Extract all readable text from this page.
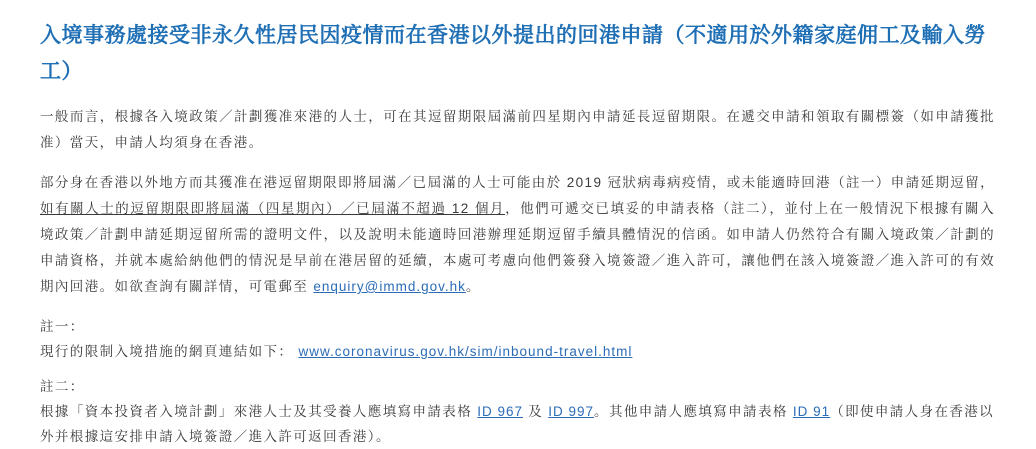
入境事務處接受非永久性居民因疫情而在香港以外提出的回港申請（不適用於外籍家庭佣工及輸入勞工）

一般而言，根據各入境政策／計劃獲准來港的人士，可在其逗留期限屆滿前四星期內申請延長逗留期限。在遞交申請和領取有關標簽（如申請獲批准）當天，申請人均須身在香港。

部分身在香港以外地方而其獲准在港逗留期限即將屆滿／已屆滿的人士可能由於 2019 冠狀病毒病疫情，或未能適時回港（註一）申請延期逗留，如有關人士的逗留期限即將屆滿（四星期內）／已屆滿不超過 12 個月，他們可遞交已填妥的申請表格（註二），並付上在一般情況下根據有關入境政策／計劃申請延期逗留所需的證明文件，以及說明未能適時回港辦理延期逗留手續具體情況的信函。如申請人仍然符合有關入境政策／計劃的申請資格，并就本處給納他們的情況是早前在港居留的延續，本處可考慮向他們簽發入境簽證／進入許可，讓他們在該入境簽證／進入許可的有效期內回港。如欲查詢有關詳情，可電郵至 enquiry@immd.gov.hk。

註一：

現行的限制入境措施的網頁連結如下： www.coronavirus.gov.hk/sim/inbound-travel.html

註二：

根據「資本投資者入境計劃」來港人士及其受養人應填寫申請表格 ID 967 及 ID 997。其他申請人應填寫申請表格 ID 91（即使申請人身在香港以外并根據這安排申請入境簽證／進入許可返回香港）。
